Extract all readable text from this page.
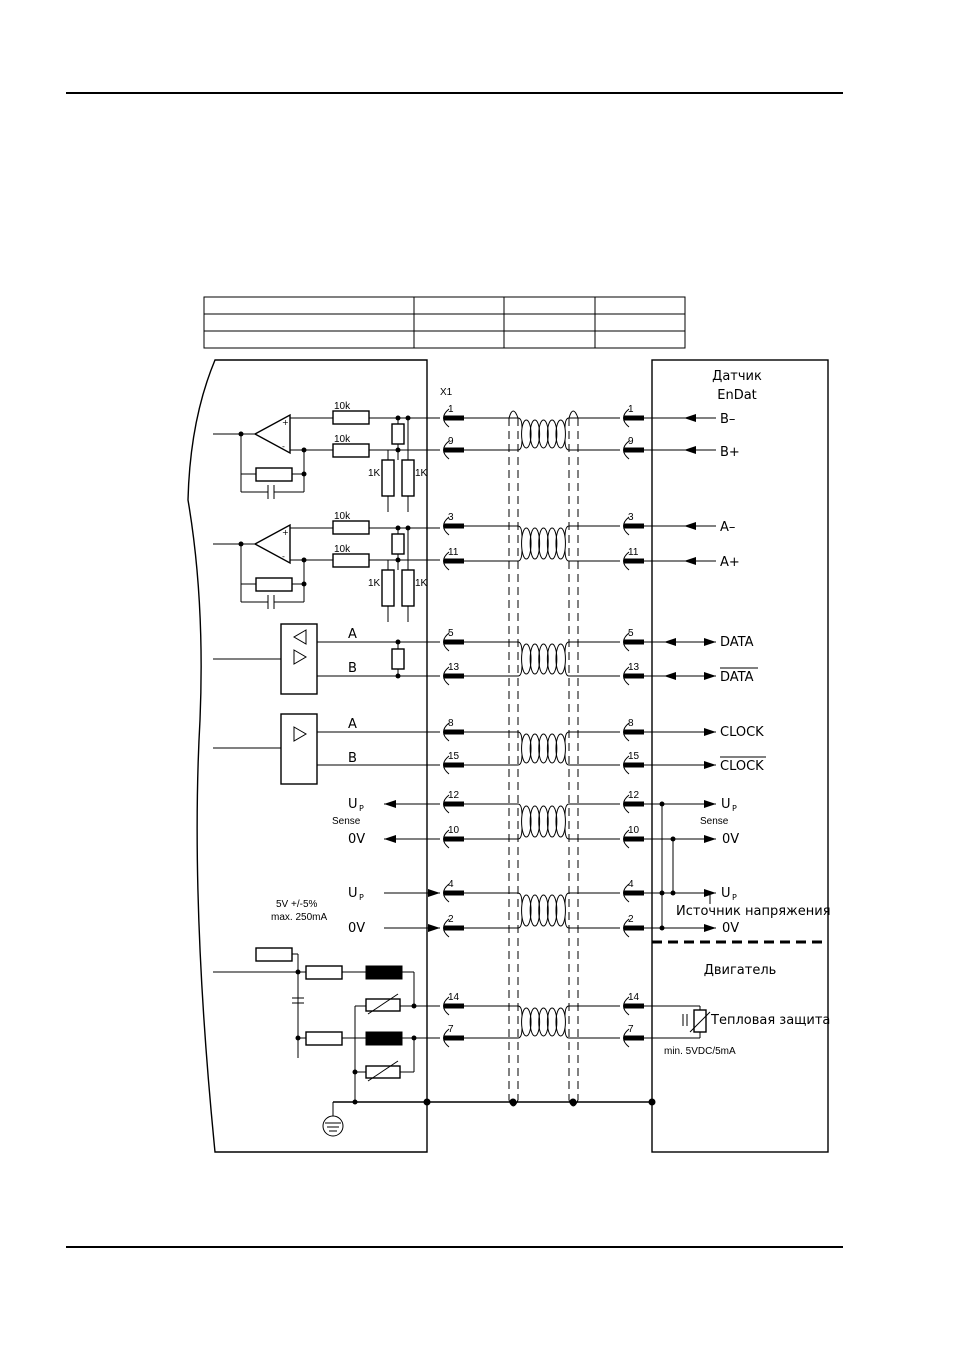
X1
Датчик
EnDat
Двигатель
1	1
9	9
3	3
11	11
5	5
13	13
8	8
15	15
12	12
10	10
4	4
2	2
14	14
7	7
+
-
10k
10k
1K	1K
A
B
A
B
U P
Sense
0V
U P
5V +/-5%
max. 250mA
0V
B–
B+
A–
A+
DATA
DATA
CLOCK
CLOCK
U P
Sense
0V
U P
Источник напряжения
0V
Тепловая защита
min. 5VDC/5mA
